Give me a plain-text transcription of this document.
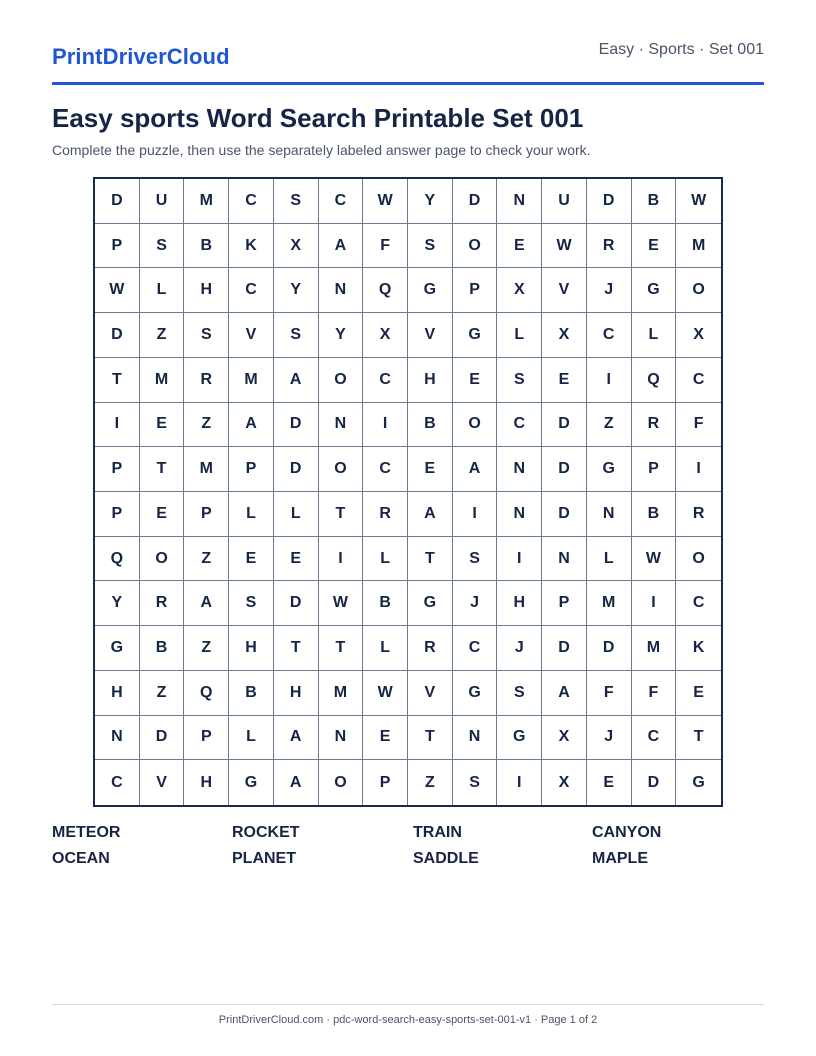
PrintDriverCloud	Easy · Sports · Set 001
Easy sports Word Search Printable Set 001

Complete the puzzle, then use the separately labeled answer page to check your work.

D	U	M	C	S	C	W	Y	D	N	U	D	B	W
P	S	B	K	X	A	F	S	O	E	W	R	E	M
W	L	H	C	Y	N	Q	G	P	X	V	J	G	O
D	Z	S	V	S	Y	X	V	G	L	X	C	L	X
T	M	R	M	A	O	C	H	E	S	E	I	Q	C
I	E	Z	A	D	N	I	B	O	C	D	Z	R	F
P	T	M	P	D	O	C	E	A	N	D	G	P	I
P	E	P	L	L	T	R	A	I	N	D	N	B	R
Q	O	Z	E	E	I	L	T	S	I	N	L	W	O
Y	R	A	S	D	W	B	G	J	H	P	M	I	C
G	B	Z	H	T	T	L	R	C	J	D	D	M	K
H	Z	Q	B	H	M	W	V	G	S	A	F	F	E
N	D	P	L	A	N	E	T	N	G	X	J	C	T
C	V	H	G	A	O	P	Z	S	I	X	E	D	G
METEOR	ROCKET	TRAIN	CANYON
OCEAN	PLANET	SADDLE	MAPLE
PrintDriverCloud.com · pdc-word-search-easy-sports-set-001-v1 · Page 1 of 2
